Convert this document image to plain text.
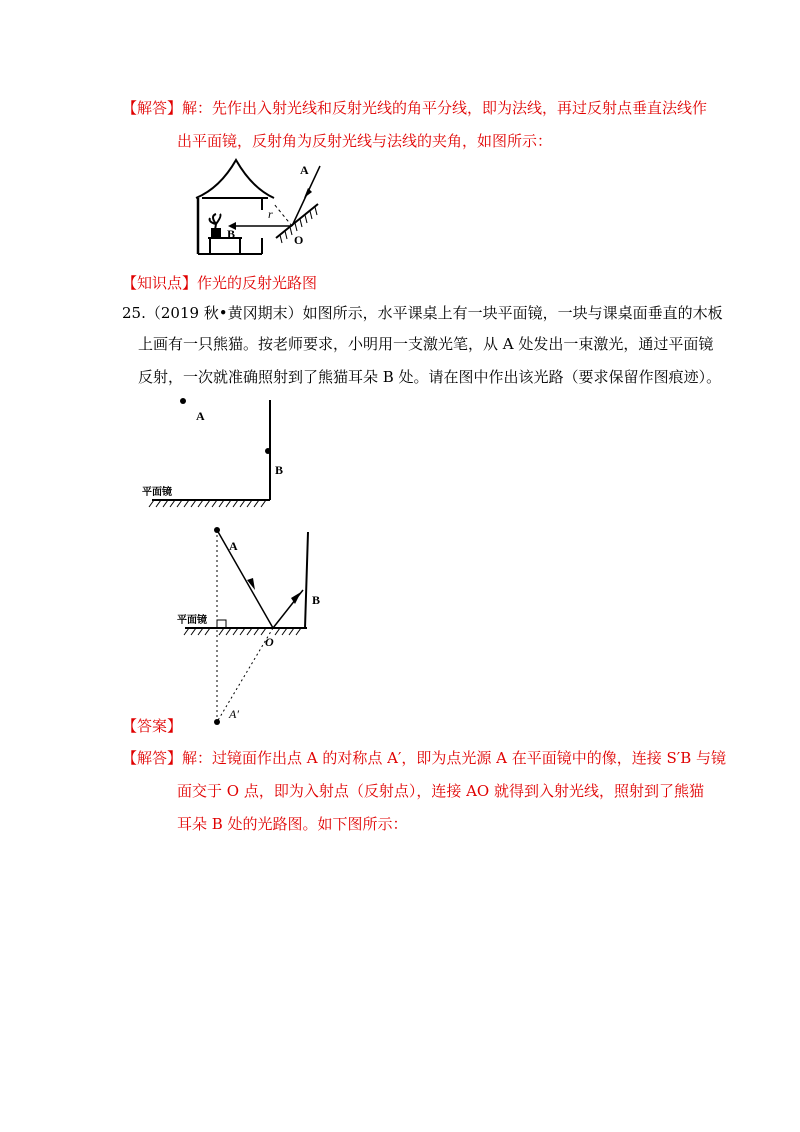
【解答】解：先作出入射光线和反射光线的角平分线，即为法线，再过反射点垂直法线作
出平面镜，反射角为反射光线与法线的夹角，如图所示：
B
A
r
O
【知识点】作光的反射光路图
25.（2019 秋•黄冈期末）如图所示，水平课桌上有一块平面镜，一块与课桌面垂直的木板
上画有一只熊猫。按老师要求，小明用一支激光笔，从 A 处发出一束激光，通过平面镜
反射，一次就准确照射到了熊猫耳朵 B 处。请在图中作出该光路（要求保留作图痕迹）。
A
B
平面镜
A
A′
B
平面镜
O
【答案】
【解答】解：过镜面作出点 A 的对称点 A′，即为点光源 A 在平面镜中的像，连接 S′B 与镜
面交于 O 点，即为入射点（反射点），连接 AO 就得到入射光线，照射到了熊猫
耳朵 B 处的光路图。如下图所示：
